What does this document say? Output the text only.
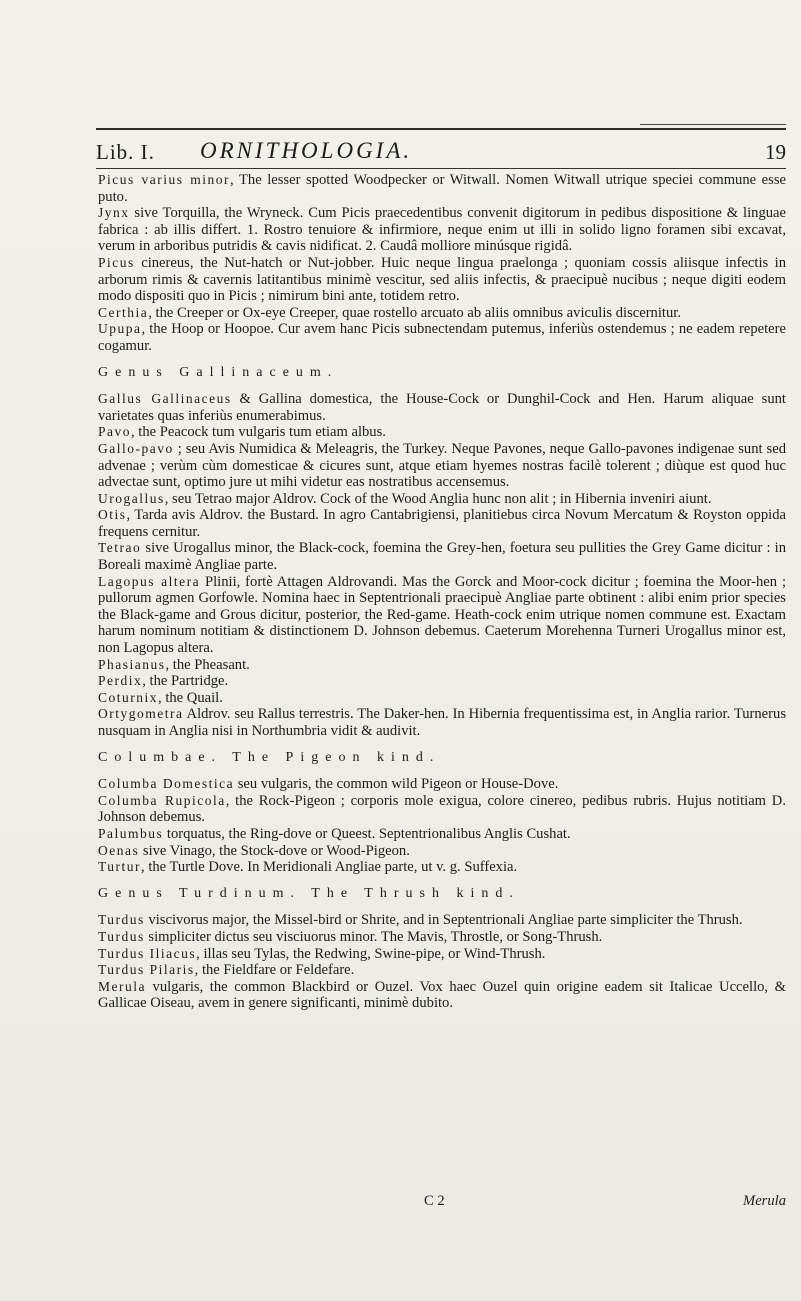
Lib. I. ORNITHOLOGIA.	19

Picus varius minor, The lesser spotted Woodpecker or Witwall. Nomen Witwall utrique speciei commune esse puto.

Jynx sive Torquilla, the Wryneck. Cum Picis praecedentibus convenit digitorum in pedibus dispositione & linguae fabrica : ab illis differt. 1. Rostro tenuiore & infirmiore, neque enim ut illi in solido ligno foramen sibi excavat, verum in arboribus putridis & cavis nidificat. 2. Caudâ molliore minúsque rigidâ.

Picus cinereus, the Nut-hatch or Nut-jobber. Huic neque lingua praelonga ; quoniam cossis aliisque infectis in arborum rimis & cavernis latitantibus minimè vescitur, sed aliis infectis, & praecipuè nucibus ; neque digiti eodem modo dispositi quo in Picis ; nimirum bini ante, totidem retro.

Certhia, the Creeper or Ox-eye Creeper, quae rostello arcuato ab aliis omnibus aviculis discernitur.

Upupa, the Hoop or Hoopoe. Cur avem hanc Picis subnectendam putemus, inferiùs ostendemus ; ne eadem repetere cogamur.

Genus Gallinaceum.

Gallus Gallinaceus & Gallina domestica, the House-Cock or Dunghil-Cock and Hen. Harum aliquae sunt varietates quas inferiùs enumerabimus.

Pavo, the Peacock tum vulgaris tum etiam albus.

Gallo-pavo ; seu Avis Numidica & Meleagris, the Turkey. Neque Pavones, neque Gallo-pavones indigenae sunt sed advenae ; verùm cùm domesticae & cicures sunt, atque etiam hyemes nostras facilè tolerent ; diùque est quod huc advectae sunt, optimo jure ut mihi videtur eas nostratibus accensemus.

Urogallus, seu Tetrao major Aldrov. Cock of the Wood Anglia hunc non alit ; in Hibernia inveniri aiunt.

Otis, Tarda avis Aldrov. the Bustard. In agro Cantabrigiensi, planitiebus circa Novum Mercatum & Royston oppida frequens cernitur.

Tetrao sive Urogallus minor, the Black-cock, foemina the Grey-hen, foetura seu pullities the Grey Game dicitur : in Boreali maximè Angliae parte.

Lagopus altera Plinii, fortè Attagen Aldrovandi. Mas the Gorck and Moor-cock dicitur ; foemina the Moor-hen ; pullorum agmen Gorfowle. Nomina haec in Septentrionali praecipuè Angliae parte obtinent : alibi enim prior species the Black-game and Grous dicitur, posterior, the Red-game. Heath-cock enim utrique nomen commune est. Exactam harum nominum notitiam & distinctionem D. Johnson debemus. Caeterum Morehenna Turneri Urogallus minor est, non Lagopus altera.

Phasianus, the Pheasant.

Perdix, the Partridge.

Coturnix, the Quail.

Ortygometra Aldrov. seu Rallus terrestris. The Daker-hen. In Hibernia frequentissima est, in Anglia rarior. Turnerus nusquam in Anglia nisi in Northumbria vidit & audivit.

Columbae. The Pigeon kind.

Columba Domestica seu vulgaris, the common wild Pigeon or House-Dove.

Columba Rupicola, the Rock-Pigeon ; corporis mole exigua, colore cinereo, pedibus rubris. Hujus notitiam D. Johnson debemus.

Palumbus torquatus, the Ring-dove or Queest. Septentrionalibus Anglis Cushat.

Oenas sive Vinago, the Stock-dove or Wood-Pigeon.

Turtur, the Turtle Dove. In Meridionali Angliae parte, ut v. g. Suffexia.

Genus Turdinum. The Thrush kind.

Turdus viscivorus major, the Missel-bird or Shrite, and in Septentrionali Angliae parte simpliciter the Thrush.

Turdus simpliciter dictus seu visciuorus minor. The Mavis, Throstle, or Song-Thrush.

Turdus Iliacus, illas seu Tylas, the Redwing, Swine-pipe, or Wind-Thrush.

Turdus Pilaris, the Fieldfare or Feldefare.

Merula vulgaris, the common Blackbird or Ouzel. Vox haec Ouzel quin origine eadem sit Italicae Uccello, & Gallicae Oiseau, avem in genere significanti, minimè dubito.

C 2	Merula
